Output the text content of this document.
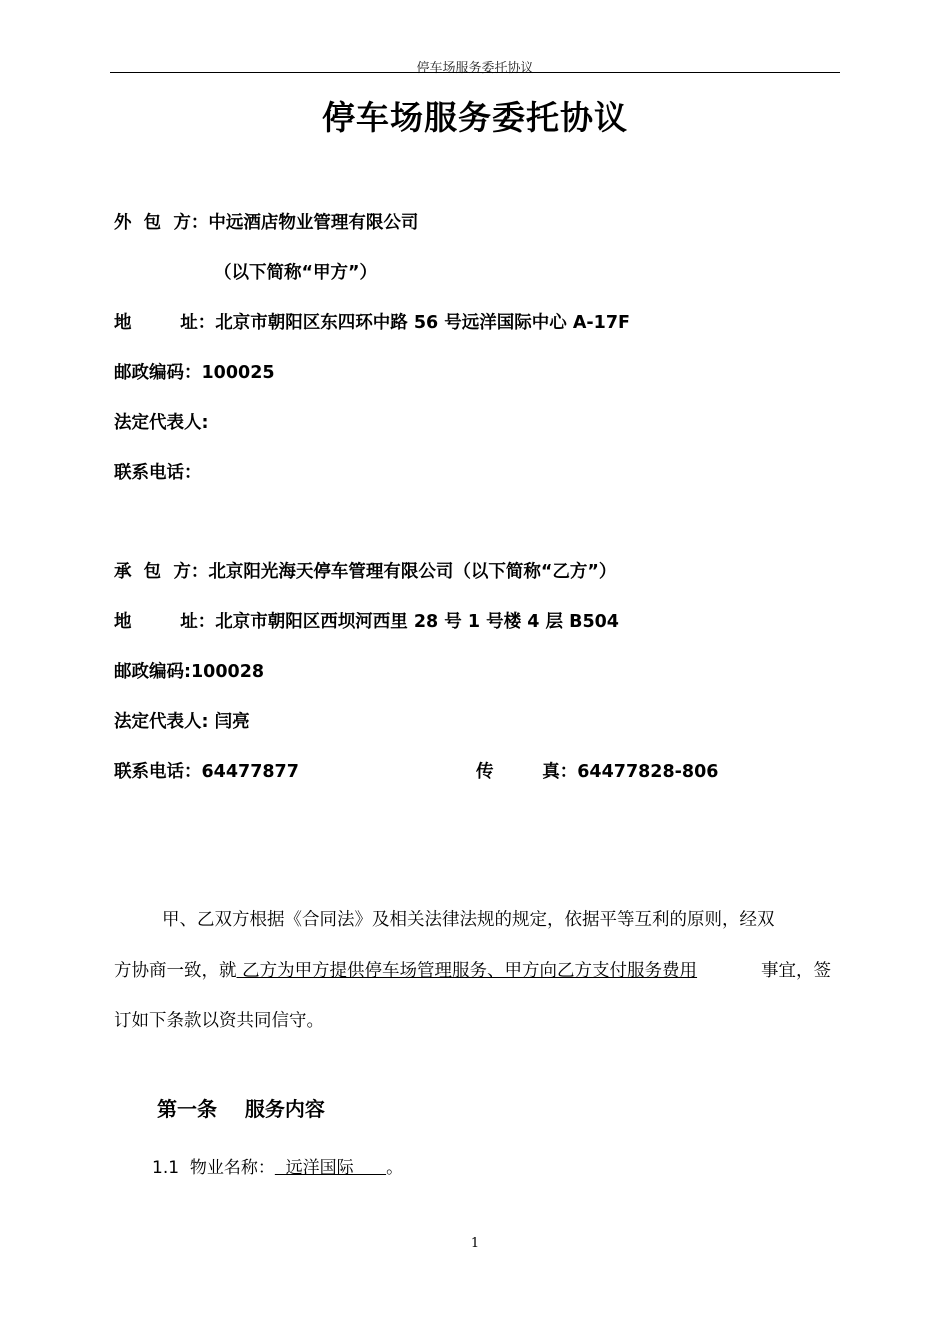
停车场服务委托协议
停车场服务委托协议
外  包  方：中远酒店物业管理有限公司
（以下简称“甲方”）
地        址：北京市朝阳区东四环中路 56 号远洋国际中心 A-17F
邮政编码：100025
法定代表人:
联系电话：
承  包  方：北京阳光海天停车管理有限公司（以下简称“乙方”）
地        址：北京市朝阳区西坝河西里 28 号 1 号楼 4 层 B504
邮政编码:100028
法定代表人: 闫亮
联系电话：64477877	传        真：64477828-806
甲、乙双方根据《合同法》及相关法律法规的规定，依据平等互利的原则，经双
方协商一致，就 乙方为甲方提供停车场管理服务、甲方向乙方支付服务费用	事宜，签
订如下条款以资共同信守。
第一条    服务内容
1.1  物业名称：  远洋国际      。
1
